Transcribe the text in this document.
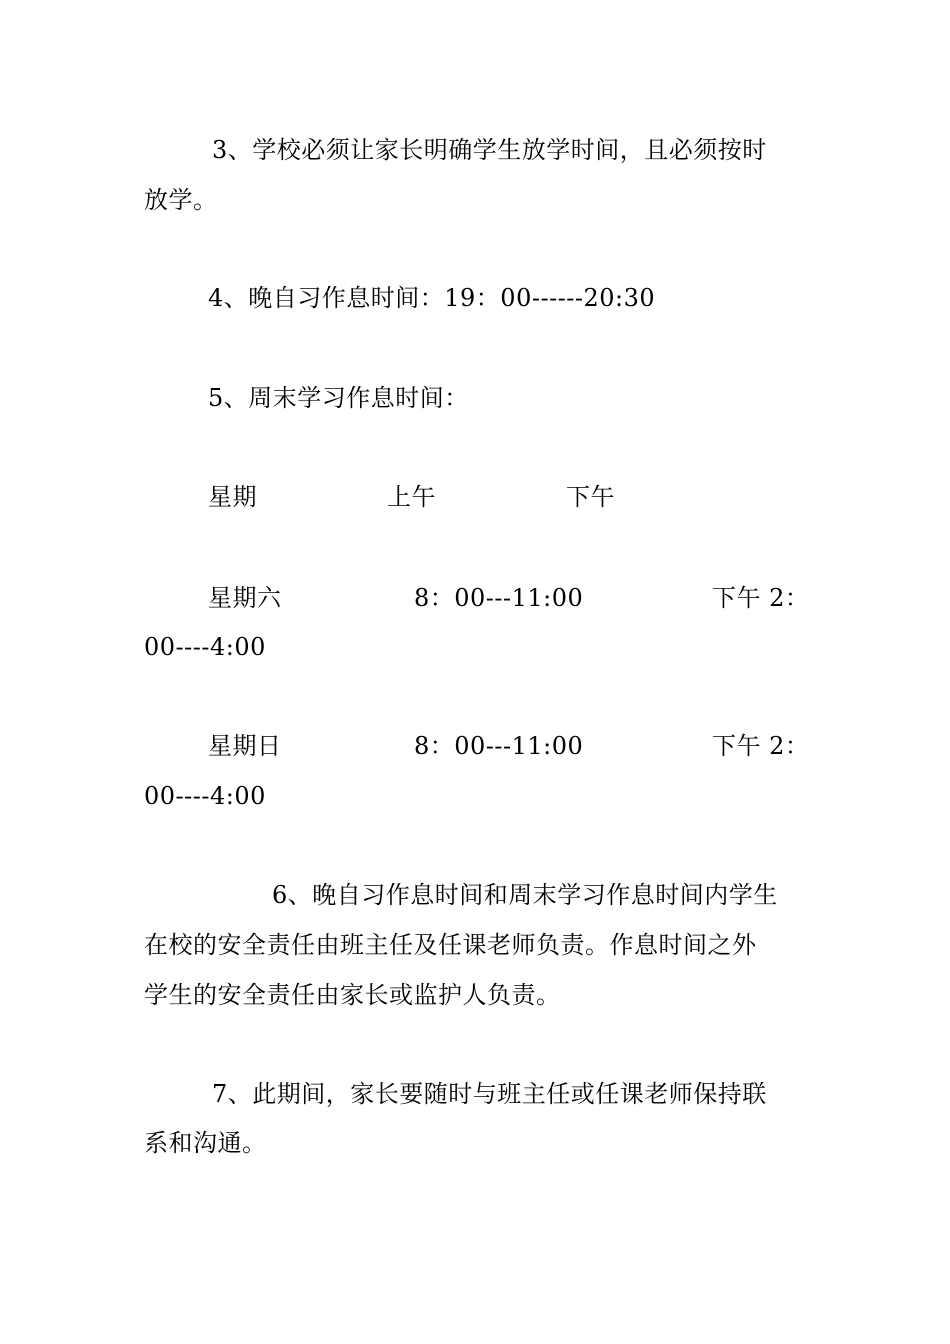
3、学校必须让家长明确学生放学时间，且必须按时
放学。
4、晚自习作息时间：19：00------20:30
5、周末学习作息时间：
星期	上午	下午
星期六	8：00---11:00	下午 2：
00----4:00
星期日	8：00---11:00	下午 2：
00----4:00
6、晚自习作息时间和周末学习作息时间内学生
在校的安全责任由班主任及任课老师负责。作息时间之外
学生的安全责任由家长或监护人负责。
7、此期间，家长要随时与班主任或任课老师保持联
系和沟通。
